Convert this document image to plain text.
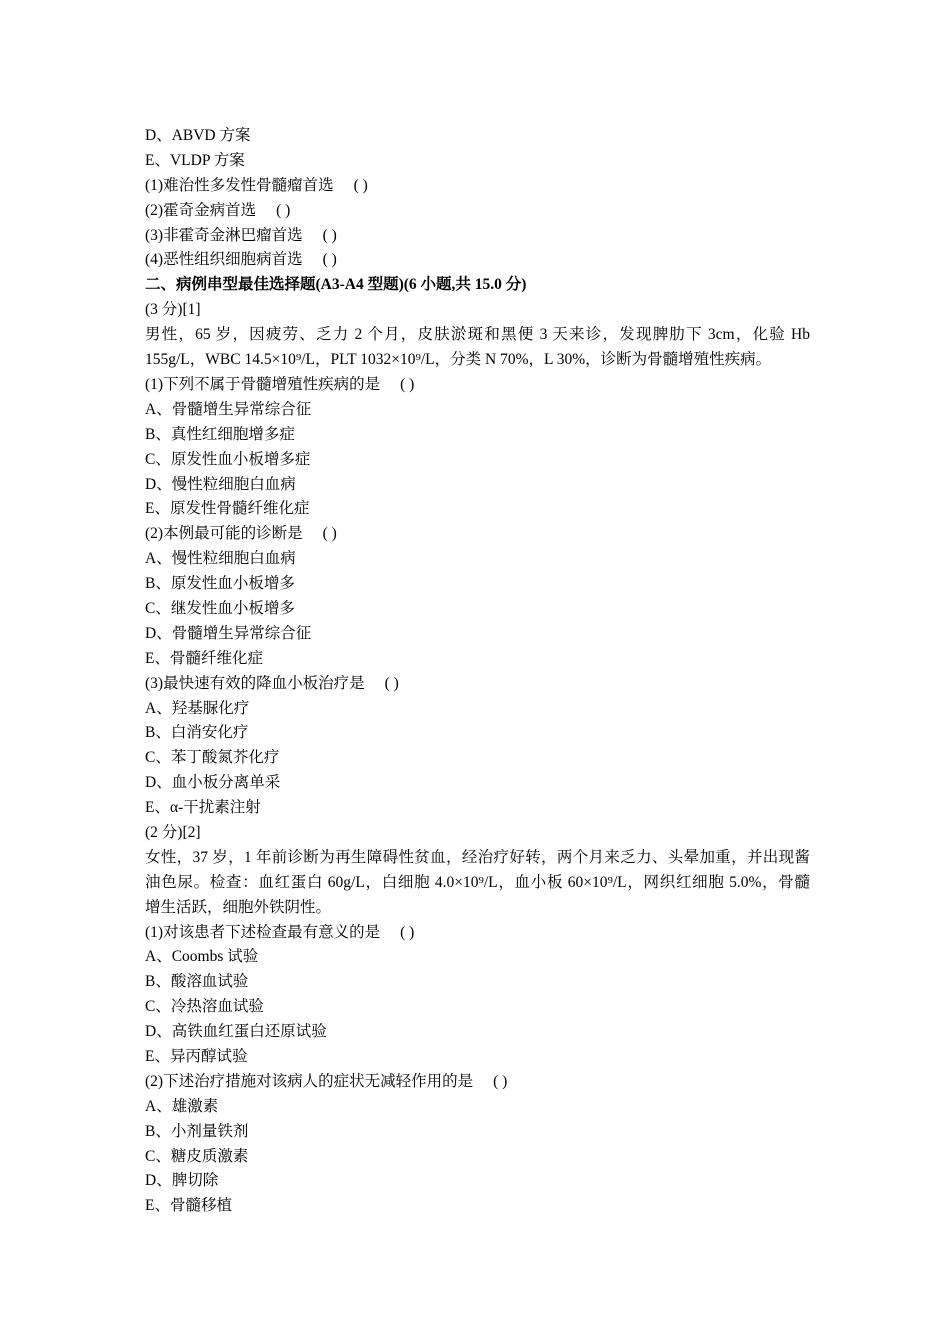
D、ABVD 方案
E、VLDP 方案
(1)难治性多发性骨髓瘤首选 ( )
(2)霍奇金病首选 ( )
(3)非霍奇金淋巴瘤首选 ( )
(4)恶性组织细胞病首选 ( )
二、病例串型最佳选择题(A3-A4 型题)(6 小题,共 15.0 分)
(3 分)[1]
男性，65 岁，因疲劳、乏力 2 个月，皮肤淤斑和黑便 3 天来诊，发现脾肋下 3cm，化验 Hb
155g/L，WBC 14.5×10⁹/L，PLT 1032×10⁹/L，分类 N 70%，L 30%，诊断为骨髓增殖性疾病。
(1)下列不属于骨髓增殖性疾病的是 ( )
A、骨髓增生异常综合征
B、真性红细胞增多症
C、原发性血小板增多症
D、慢性粒细胞白血病
E、原发性骨髓纤维化症
(2)本例最可能的诊断是 ( )
A、慢性粒细胞白血病
B、原发性血小板增多
C、继发性血小板增多
D、骨髓增生异常综合征
E、骨髓纤维化症
(3)最快速有效的降血小板治疗是 ( )
A、羟基脲化疗
B、白消安化疗
C、苯丁酸氮芥化疗
D、血小板分离单采
E、α-干扰素注射
(2 分)[2]
女性，37 岁，1 年前诊断为再生障碍性贫血，经治疗好转，两个月来乏力、头晕加重，并出现酱
油色尿。检查：血红蛋白 60g/L，白细胞 4.0×10⁹/L，血小板 60×10⁹/L，网织红细胞 5.0%，骨髓
增生活跃，细胞外铁阴性。
(1)对该患者下述检查最有意义的是 ( )
A、Coombs 试验
B、酸溶血试验
C、冷热溶血试验
D、高铁血红蛋白还原试验
E、异丙醇试验
(2)下述治疗措施对该病人的症状无减轻作用的是 ( )
A、雄激素
B、小剂量铁剂
C、糖皮质激素
D、脾切除
E、骨髓移植
